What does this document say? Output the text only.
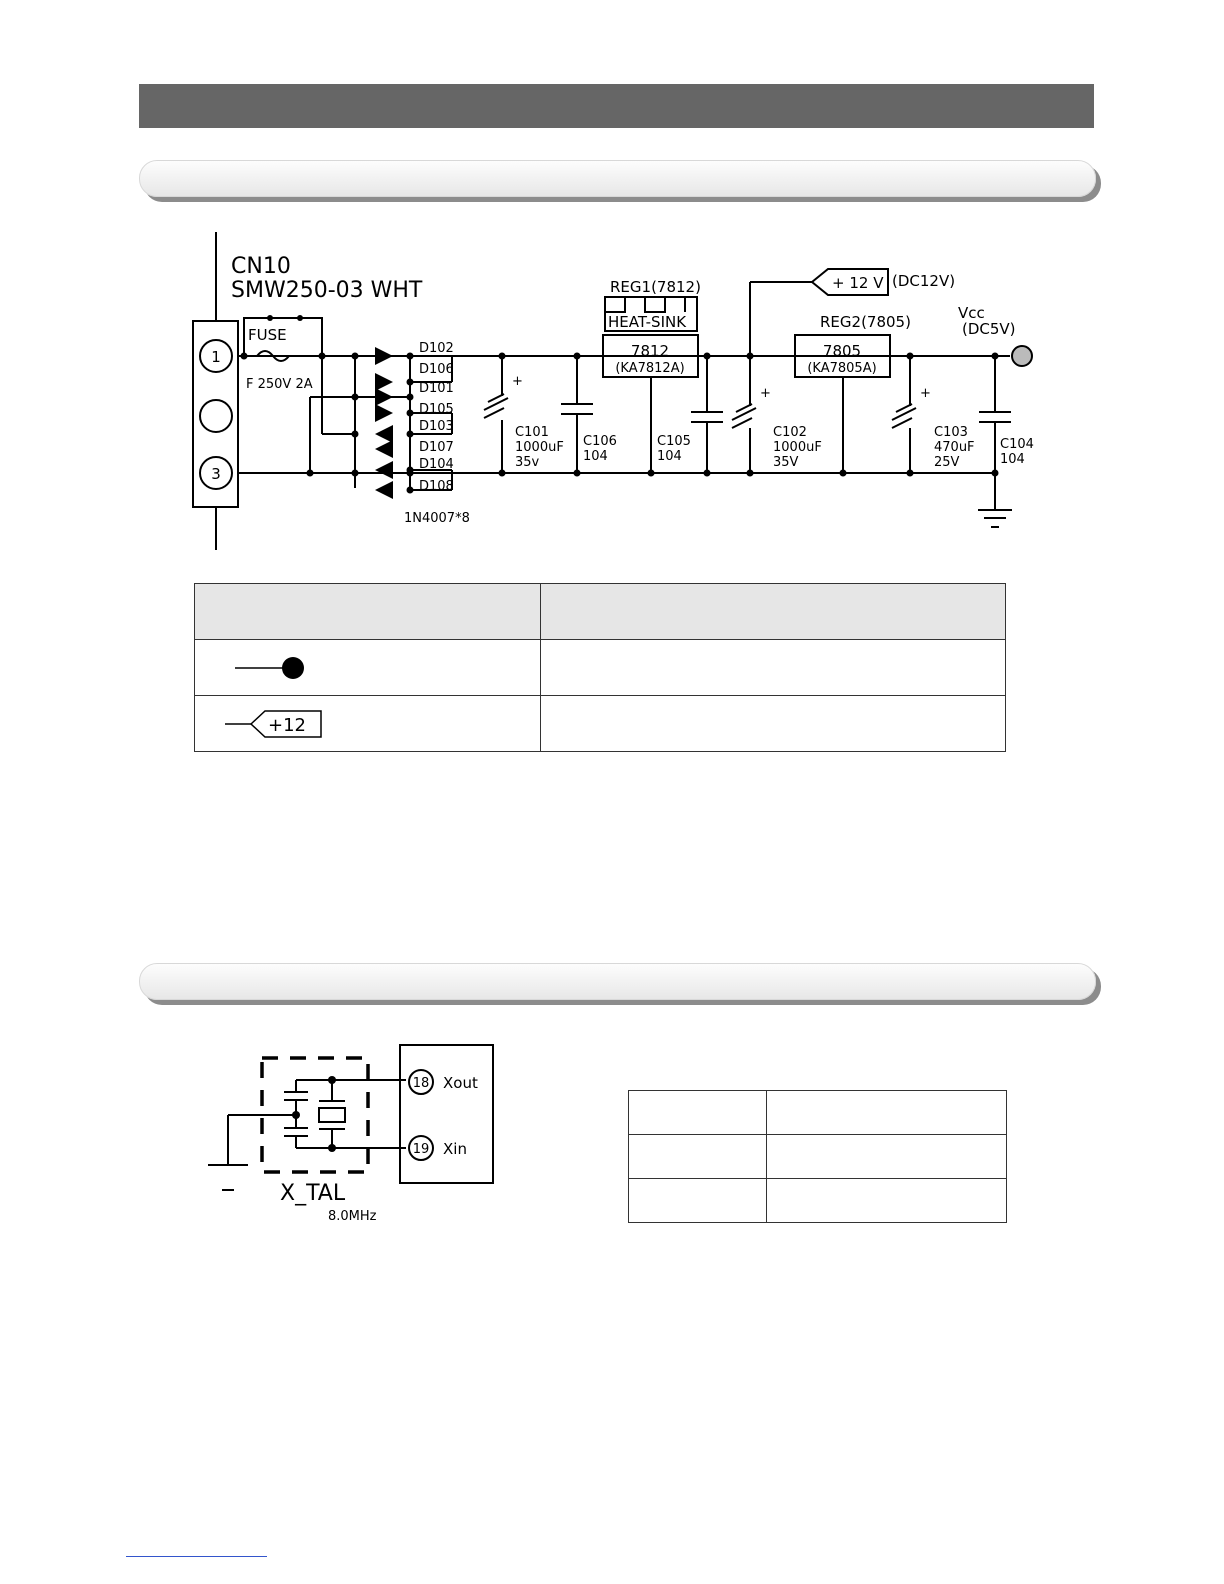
CN10
SMW250-03 WHT
1
3
FUSE
F 250V 2A
D102
D106
D101
D105
D103
D107
D104
D108
1N4007*8
REG1(7812)
HEAT-SINK
7812
(KA7812A)
REG2(7805)
7805
(KA7805A)
+ 12 V (DC12V)
Vcc
(DC5V)
+
+	+
C101
1000uF
35v
C106
104
C105
104
C102
1000uF
35V
C103
470uF
25V
C104
104

+12	

18 Xout
19 Xin
X_TAL
8.0MHz
